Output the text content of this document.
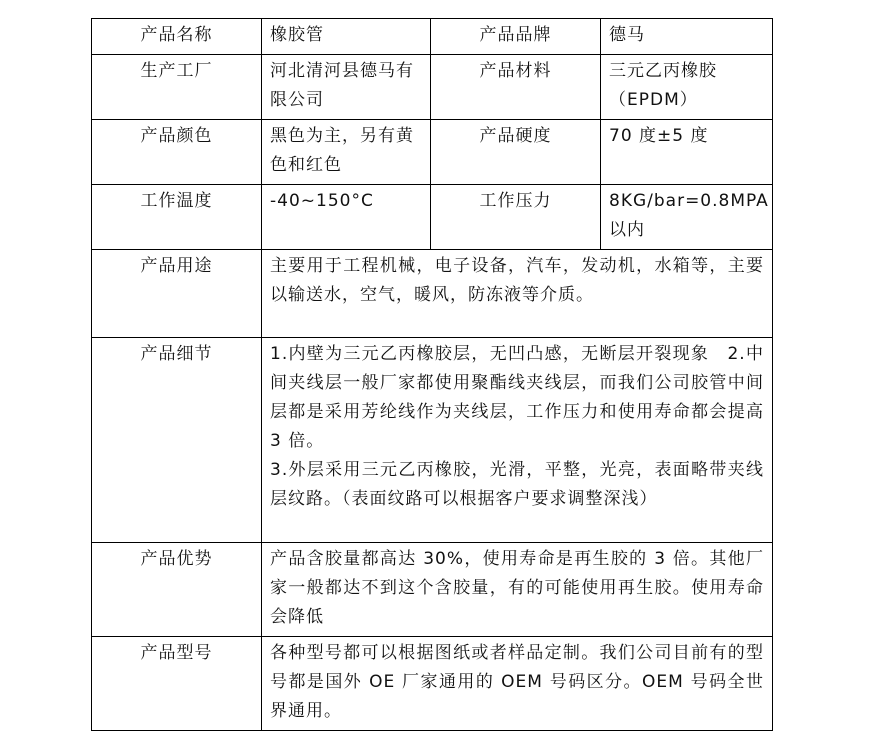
产品名称	橡胶管	产品品牌	德马
生产工厂	河北清河县德马有限公司	产品材料	三元乙丙橡胶（EPDM）
产品颜色	黑色为主，另有黄色和红色	产品硬度	70 度±5 度
工作温度	-40~150°C	工作压力	8KG/bar=0.8MPA以内
产品用途	主要用于工程机械，电子设备，汽车，发动机，水箱等，主要以输送水，空气，暖风，防冻液等介质。		
产品细节	1.内壁为三元乙丙橡胶层，无凹凸感，无断层开裂现象　2.中间夹线层一般厂家都使用聚酯线夹线层，而我们公司胶管中间层都是采用芳纶线作为夹线层，工作压力和使用寿命都会提高 3 倍。
3.外层采用三元乙丙橡胶，光滑，平整，光亮，表面略带夹线层纹路。（表面纹路可以根据客户要求调整深浅）		

产品优势	产品含胶量都高达 30%，使用寿命是再生胶的 3 倍。其他厂家一般都达不到这个含胶量，有的可能使用再生胶。使用寿命会降低		
产品型号	各种型号都可以根据图纸或者样品定制。我们公司目前有的型号都是国外 OE 厂家通用的 OEM 号码区分。OEM 号码全世界通用。		
